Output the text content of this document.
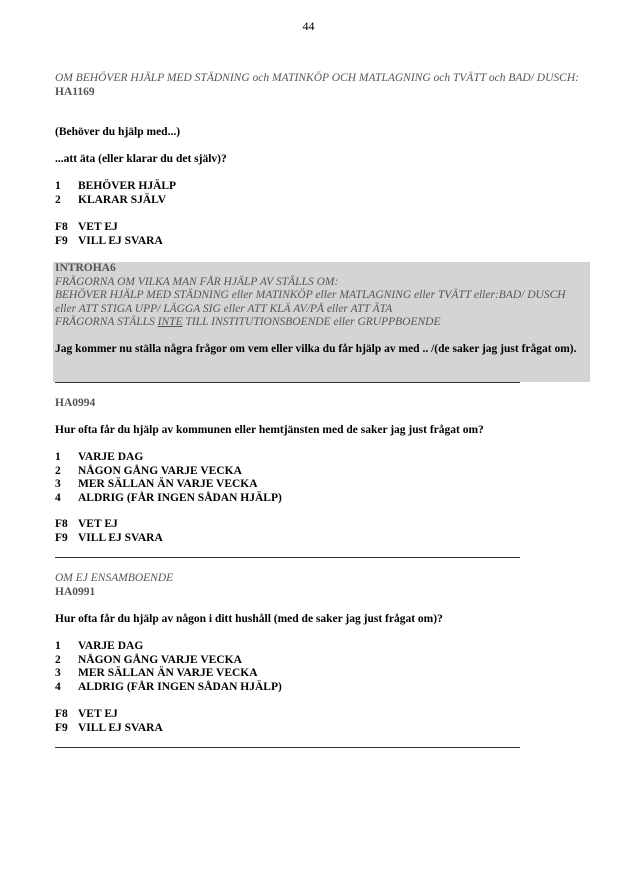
44
OM BEHÖVER HJÄLP MED STÄDNING och MATINKÖP OCH MATLAGNING och TVÄTT och BAD/ DUSCH:
HA1169
(Behöver du hjälp med...)
...att äta (eller klarar du det själv)?
1	BEHÖVER HJÄLP
2	KLARAR SJÄLV
F8 VET EJ
F9 VILL EJ SVARA
INTROHA6
FRÅGORNA OM VILKA MAN FÅR HJÄLP AV STÄLLS OM:
BEHÖVER HJÄLP MED STÄDNING eller MATINKÖP eller MATLAGNING eller TVÄTT eller:BAD/ DUSCH
eller ATT STIGA UPP/ LÄGGA SIG eller ATT KLÄ AV/PÅ eller ATT ÄTA
FRÅGORNA STÄLLS INTE TILL INSTITUTIONSBOENDE eller GRUPPBOENDE
Jag kommer nu ställa några frågor om vem eller vilka du får hjälp av med .. /(de saker jag just frågat om).
HA0994
Hur ofta får du hjälp av kommunen eller hemtjänsten med de saker jag just frågat om?
1	VARJE DAG
2	NÅGON GÅNG VARJE VECKA
3	MER SÄLLAN ÄN VARJE VECKA
4	ALDRIG (FÅR INGEN SÅDAN HJÄLP)
F8 VET EJ
F9 VILL EJ SVARA
OM EJ ENSAMBOENDE
HA0991
Hur ofta får du hjälp av någon i ditt hushåll (med de saker jag just frågat om)?
1	VARJE DAG
2	NÅGON GÅNG VARJE VECKA
3	MER SÄLLAN ÄN VARJE VECKA
4	ALDRIG (FÅR INGEN SÅDAN HJÄLP)
F8 VET EJ
F9 VILL EJ SVARA
